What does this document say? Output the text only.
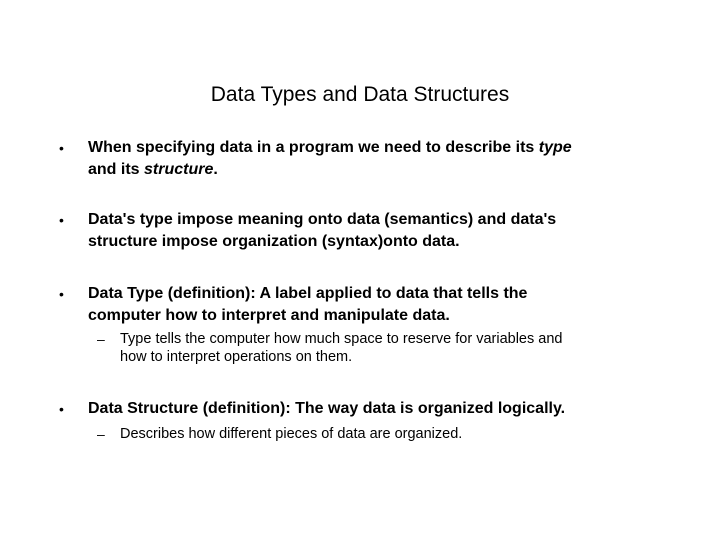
Data Types and Data Structures
• When specifying data in a program we need to describe its type
and its structure.
• Data's type impose meaning onto data (semantics) and data's
structure impose organization (syntax)onto data.
• Data Type (definition): A label applied to data that tells the
computer how to interpret and manipulate data.
– Type tells the computer how much space to reserve for variables and
how to interpret operations on them.
• Data Structure (definition): The way data is organized logically.
– Describes how different pieces of data are organized.
